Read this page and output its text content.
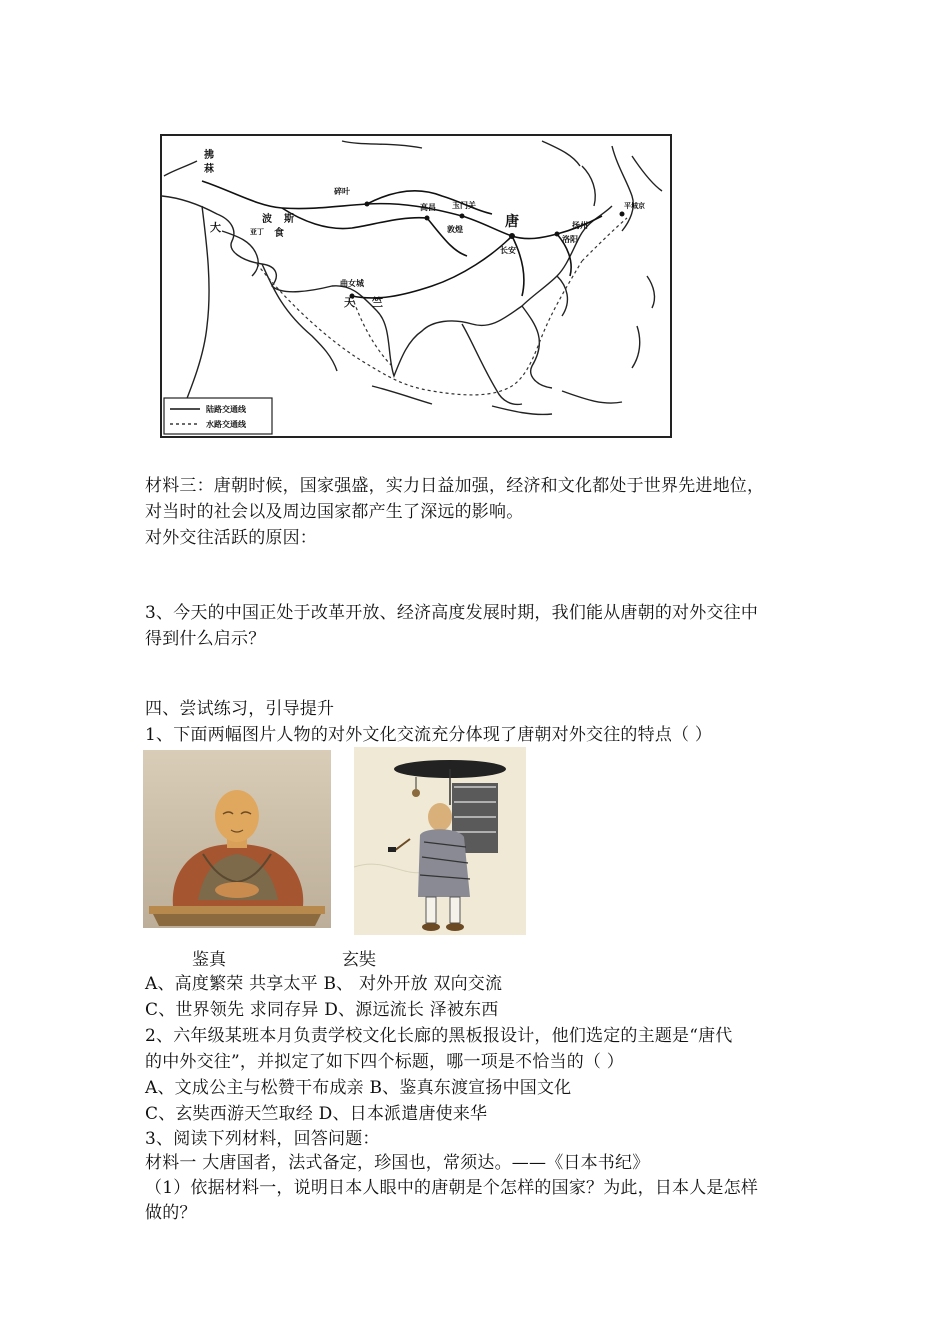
拂
菻
大
波 斯
食
亚丁
碎叶
高昌 玉门关
敦煌	唐
长安
洛阳
扬州
曲女城
天 竺
平城京
陆路交通线
水路交通线
材料三：唐朝时候，国家强盛，实力日益加强，经济和文化都处于世界先进地位，
对当时的社会以及周边国家都产生了深远的影响。
对外交往活跃的原因：
3、今天的中国正处于改革开放、经济高度发展时期，我们能从唐朝的对外交往中
得到什么启示？
四、尝试练习，引导提升
1、下面两幅图片人物的对外文化交流充分体现了唐朝对外交往的特点（ ）
鉴真	玄奘
A、高度繁荣 共享太平 B、 对外开放 双向交流
C、世界领先 求同存异 D、源远流长 泽被东西
2、六年级某班本月负责学校文化长廊的黑板报设计，他们选定的主题是“唐代
的中外交往”，并拟定了如下四个标题，哪一项是不恰当的（ ）
A、文成公主与松赞干布成亲 B、鉴真东渡宣扬中国文化
C、玄奘西游天竺取经 D、日本派遣唐使来华
3、阅读下列材料，回答问题：
材料一 大唐国者，法式备定，珍国也，常须达。——《日本书纪》
（1）依据材料一，说明日本人眼中的唐朝是个怎样的国家？为此，日本人是怎样
做的？
